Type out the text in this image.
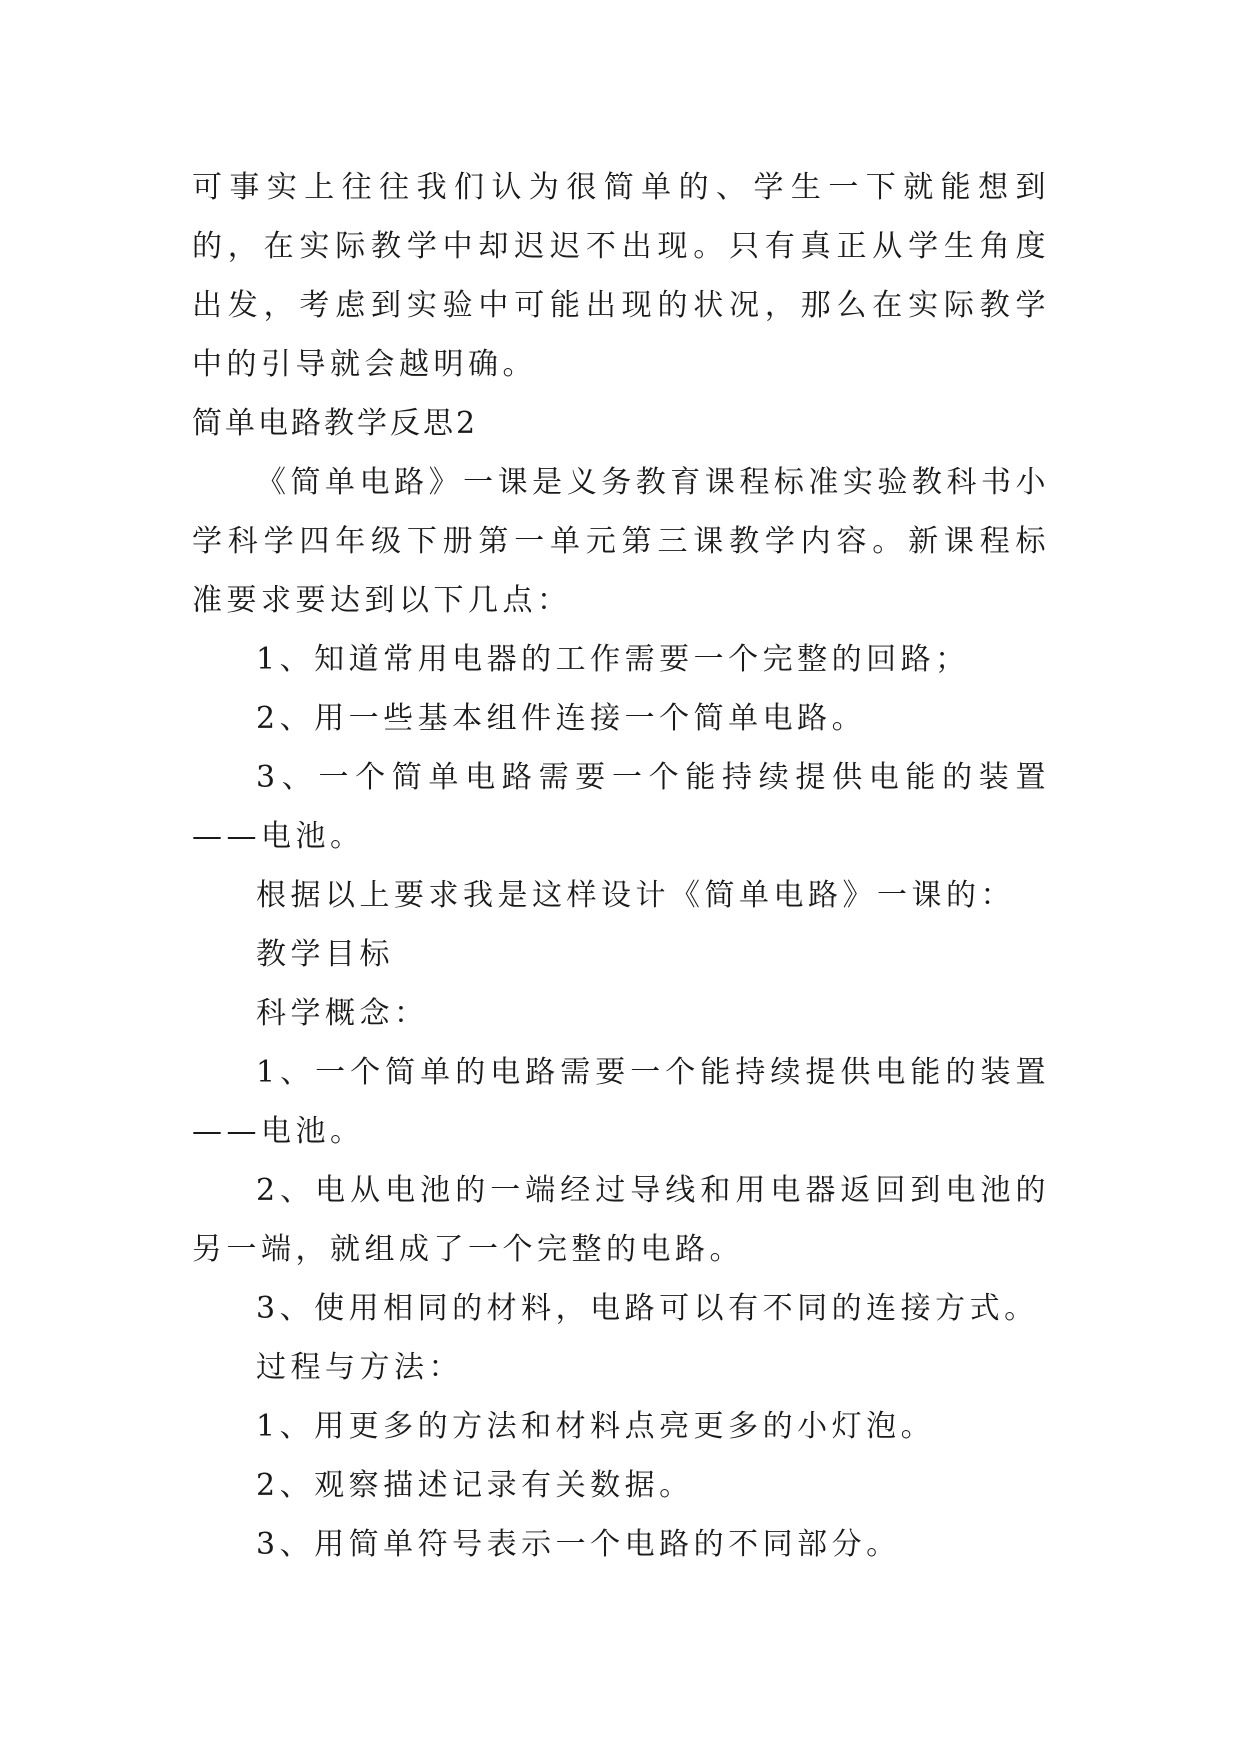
可事实上往往我们认为很简单的、学生一下就能想到的，在实际教学中却迟迟不出现。只有真正从学生角度出发，考虑到实验中可能出现的状况，那么在实际教学中的引导就会越明确。

简单电路教学反思2

《简单电路》一课是义务教育课程标准实验教科书小学科学四年级下册第一单元第三课教学内容。新课程标准要求要达到以下几点：

1、知道常用电器的工作需要一个完整的回路；

2、用一些基本组件连接一个简单电路。

3、一个简单电路需要一个能持续提供电能的装置——电池。

根据以上要求我是这样设计《简单电路》一课的：

教学目标

科学概念：

1、一个简单的电路需要一个能持续提供电能的装置——电池。

2、电从电池的一端经过导线和用电器返回到电池的另一端，就组成了一个完整的电路。

3、使用相同的材料，电路可以有不同的连接方式。

过程与方法：

1、用更多的方法和材料点亮更多的小灯泡。

2、观察描述记录有关数据。

3、用简单符号表示一个电路的不同部分。
